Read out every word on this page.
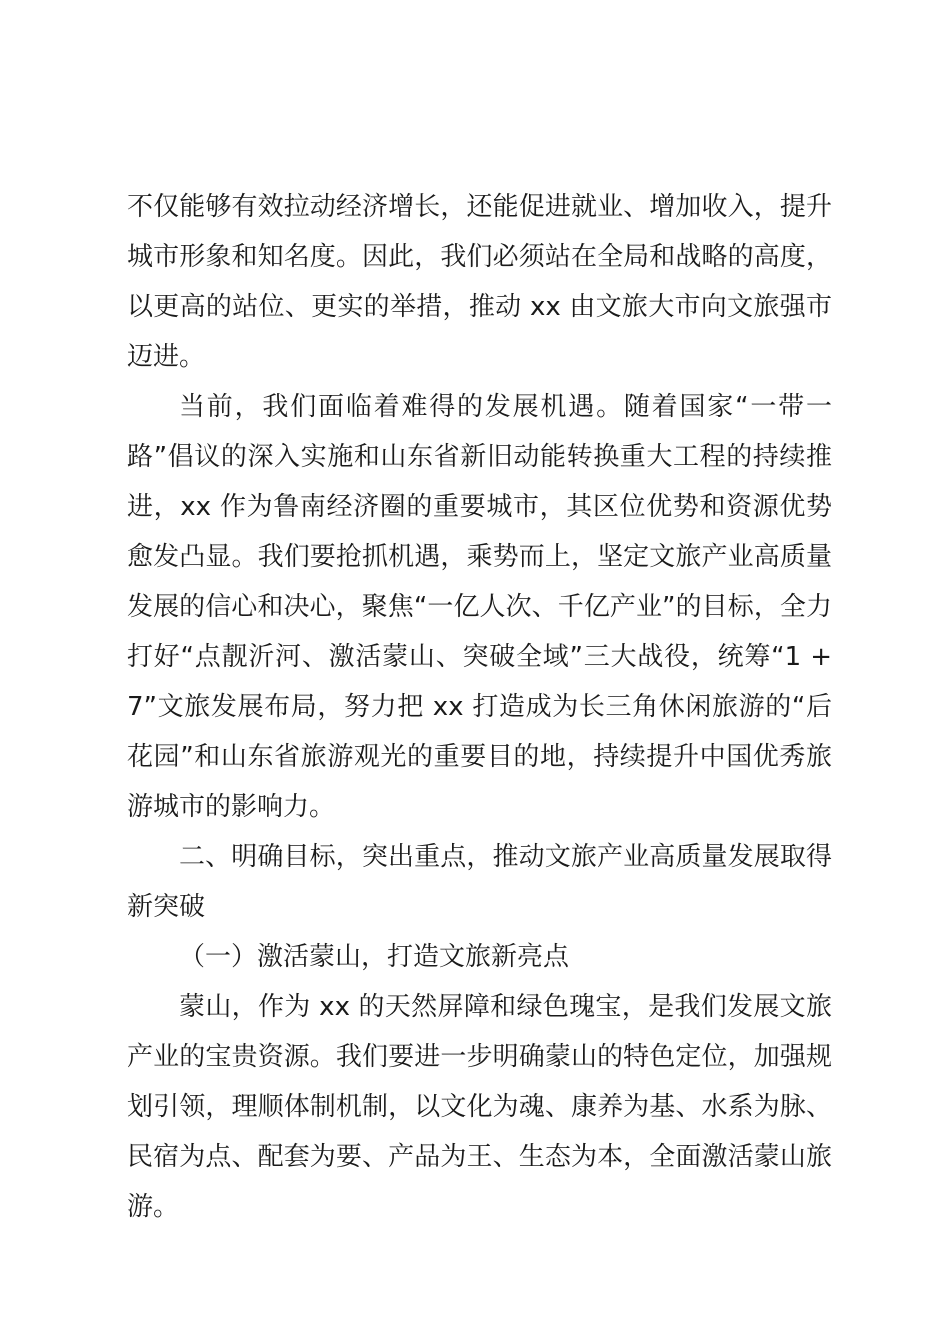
不仅能够有效拉动经济增长，还能促进就业、增加收入，提升城市形象和知名度。因此，我们必须站在全局和战略的高度，以更高的站位、更实的举措，推动 xx 由文旅大市向文旅强市迈进。

当前，我们面临着难得的发展机遇。随着国家“一带一路”倡议的深入实施和山东省新旧动能转换重大工程的持续推进，xx 作为鲁南经济圈的重要城市，其区位优势和资源优势愈发凸显。我们要抢抓机遇，乘势而上，坚定文旅产业高质量发展的信心和决心，聚焦“一亿人次、千亿产业”的目标，全力打好“点靓沂河、激活蒙山、突破全域”三大战役，统筹“1 + 7”文旅发展布局，努力把 xx 打造成为长三角休闲旅游的“后花园”和山东省旅游观光的重要目的地，持续提升中国优秀旅游城市的影响力。

二、明确目标，突出重点，推动文旅产业高质量发展取得新突破

（一）激活蒙山，打造文旅新亮点

蒙山，作为 xx 的天然屏障和绿色瑰宝，是我们发展文旅产业的宝贵资源。我们要进一步明确蒙山的特色定位，加强规划引领，理顺体制机制，以文化为魂、康养为基、水系为脉、民宿为点、配套为要、产品为王、生态为本，全面激活蒙山旅游。
